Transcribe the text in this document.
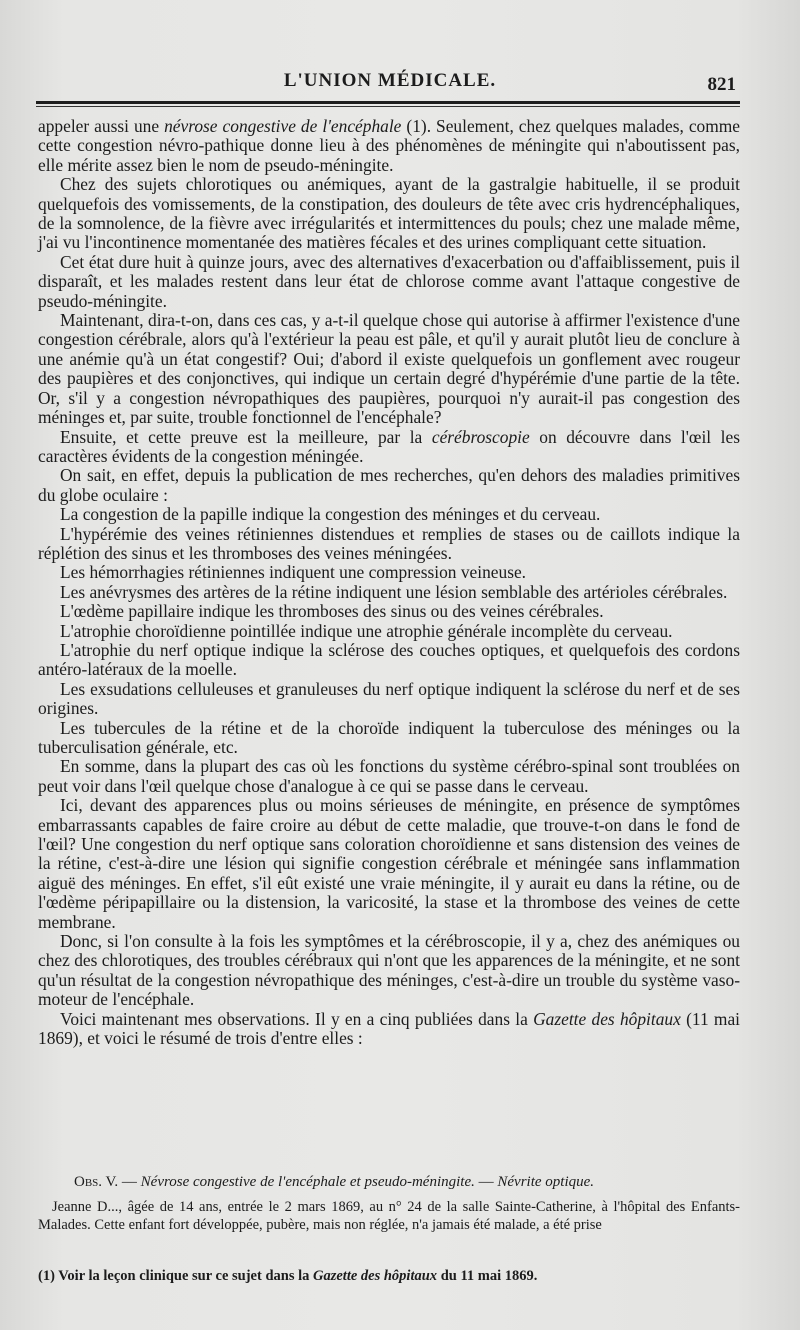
L'UNION MÉDICALE.	821

appeler aussi une névrose congestive de l'encéphale (1). Seulement, chez quelques malades, comme cette congestion névro-pathique donne lieu à des phénomènes de méningite qui n'aboutissent pas, elle mérite assez bien le nom de pseudo-méningite.

Chez des sujets chlorotiques ou anémiques, ayant de la gastralgie habituelle, il se produit quelquefois des vomissements, de la constipation, des douleurs de tête avec cris hydrencéphaliques, de la somnolence, de la fièvre avec irrégularités et intermittences du pouls; chez une malade même, j'ai vu l'incontinence momentanée des matières fécales et des urines compliquant cette situation.

Cet état dure huit à quinze jours, avec des alternatives d'exacerbation ou d'affaiblissement, puis il disparaît, et les malades restent dans leur état de chlorose comme avant l'attaque congestive de pseudo-méningite.

Maintenant, dira-t-on, dans ces cas, y a-t-il quelque chose qui autorise à affirmer l'existence d'une congestion cérébrale, alors qu'à l'extérieur la peau est pâle, et qu'il y aurait plutôt lieu de conclure à une anémie qu'à un état congestif? Oui; d'abord il existe quelquefois un gonflement avec rougeur des paupières et des conjonctives, qui indique un certain degré d'hypérémie d'une partie de la tête. Or, s'il y a congestion névropathiques des paupières, pourquoi n'y aurait-il pas congestion des méninges et, par suite, trouble fonctionnel de l'encéphale?

Ensuite, et cette preuve est la meilleure, par la cérébroscopie on découvre dans l'œil les caractères évidents de la congestion méningée.

On sait, en effet, depuis la publication de mes recherches, qu'en dehors des maladies primitives du globe oculaire :

La congestion de la papille indique la congestion des méninges et du cerveau.

L'hypérémie des veines rétiniennes distendues et remplies de stases ou de caillots indique la réplétion des sinus et les thromboses des veines méningées.

Les hémorrhagies rétiniennes indiquent une compression veineuse.

Les anévrysmes des artères de la rétine indiquent une lésion semblable des artérioles cérébrales.

L'œdème papillaire indique les thromboses des sinus ou des veines cérébrales.

L'atrophie choroïdienne pointillée indique une atrophie générale incomplète du cerveau.

L'atrophie du nerf optique indique la sclérose des couches optiques, et quelquefois des cordons antéro-latéraux de la moelle.

Les exsudations celluleuses et granuleuses du nerf optique indiquent la sclérose du nerf et de ses origines.

Les tubercules de la rétine et de la choroïde indiquent la tuberculose des méninges ou la tuberculisation générale, etc.

En somme, dans la plupart des cas où les fonctions du système cérébro-spinal sont troublées on peut voir dans l'œil quelque chose d'analogue à ce qui se passe dans le cerveau.

Ici, devant des apparences plus ou moins sérieuses de méningite, en présence de symptômes embarrassants capables de faire croire au début de cette maladie, que trouve-t-on dans le fond de l'œil? Une congestion du nerf optique sans coloration choroïdienne et sans distension des veines de la rétine, c'est-à-dire une lésion qui signifie congestion cérébrale et méningée sans inflammation aiguë des méninges. En effet, s'il eût existé une vraie méningite, il y aurait eu dans la rétine, ou de l'œdème péripapillaire ou la distension, la varicosité, la stase et la thrombose des veines de cette membrane.

Donc, si l'on consulte à la fois les symptômes et la cérébroscopie, il y a, chez des anémiques ou chez des chlorotiques, des troubles cérébraux qui n'ont que les apparences de la méningite, et ne sont qu'un résultat de la congestion névropathique des méninges, c'est-à-dire un trouble du système vaso-moteur de l'encéphale.

Voici maintenant mes observations. Il y en a cinq publiées dans la Gazette des hôpitaux (11 mai 1869), et voici le résumé de trois d'entre elles :

Obs. V. — Névrose congestive de l'encéphale et pseudo-méningite. — Névrite optique.

Jeanne D..., âgée de 14 ans, entrée le 2 mars 1869, au n° 24 de la salle Sainte-Catherine, à l'hôpital des Enfants-Malades. Cette enfant fort développée, pubère, mais non réglée, n'a jamais été malade, a été prise

(1) Voir la leçon clinique sur ce sujet dans la Gazette des hôpitaux du 11 mai 1869.
